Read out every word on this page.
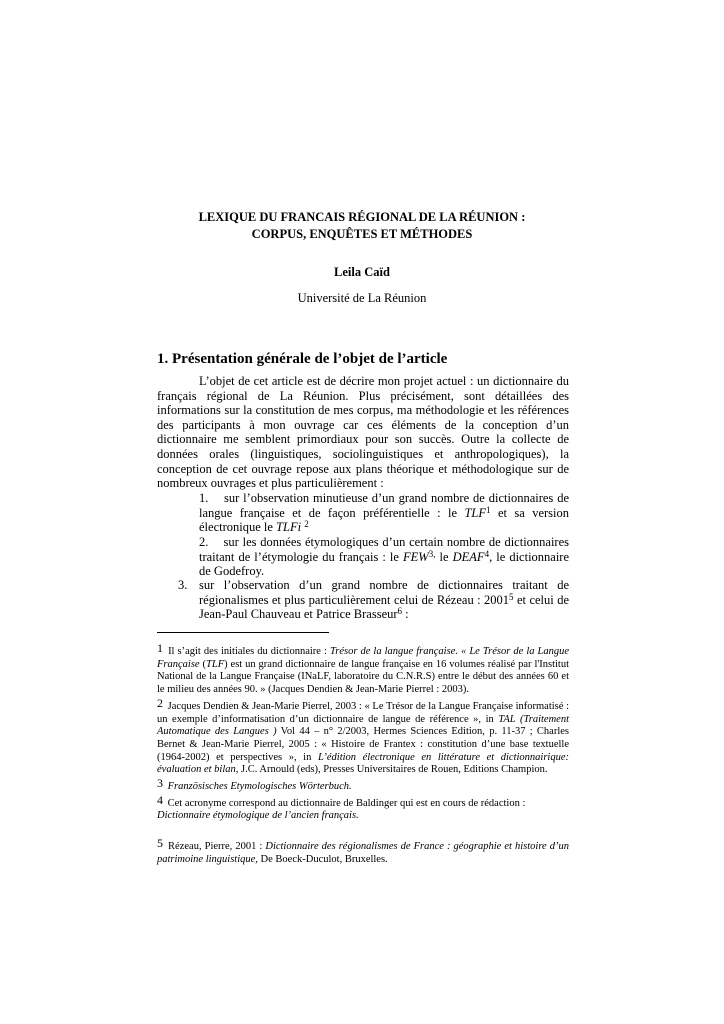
LEXIQUE DU FRANCAIS RÉGIONAL DE LA RÉUNION :
CORPUS, ENQUÊTES ET MÉTHODES
Leila Caïd
Université de La Réunion
1. Présentation générale de l’objet de l’article

L’objet de cet article est de décrire mon projet actuel : un dictionnaire du français régional de La Réunion. Plus précisément, sont détaillées des informations sur la constitution de mes corpus, ma méthodologie et les références des participants à mon ouvrage car ces éléments de la conception d’un dictionnaire me semblent primordiaux pour son succès. Outre la collecte de données orales (linguistiques, sociolinguistiques et anthropologiques), la conception de cet ouvrage repose aux plans théorique et méthodologique sur de nombreux ouvrages et plus particulièrement :

1. sur l’observation minutieuse d’un grand nombre de dictionnaires de langue française et de façon préférentielle : le TLF$^1$ et sa version électronique le TLFi $^2$
2. sur les données étymologiques d’un certain nombre de dictionnaires traitant de l’étymologie du français : le $FEW^{3,}$ le DEAF$^4$, le dictionnaire de Godefroy.
3. sur l’observation d’un grand nombre de dictionnaires traitant de régionalismes et plus particulièrement celui de Rézeau : 2001$^5$ et celui de Jean-Paul Chauveau et Patrice Brasseur$^6$ :

1 Il s’agit des initiales du dictionnaire : Trésor de la langue française. « Le Trésor de la Langue Française (TLF) est un grand dictionnaire de langue française en 16 volumes réalisé par l'Institut National de la Langue Française (INaLF, laboratoire du C.N.R.S) entre le début des années 60 et le milieu des années 90. » (Jacques Dendien & Jean-Marie Pierrel : 2003).

2 Jacques Dendien & Jean-Marie Pierrel, 2003 : « Le Trésor de la Langue Française informatisé : un exemple d’informatisation d’un dictionnaire de langue de référence », in TAL (Traitement Automatique des Langues ) Vol 44 – n° 2/2003, Hermes Sciences Edition, p. 11-37 ; Charles Bernet & Jean-Marie Pierrel, 2005 : « Histoire de Frantex : constitution d’une base textuelle (1964-2002) et perspectives », in L’édition électronique en littérature et dictionnairique: évaluation et bilan, J.C. Arnould (eds), Presses Universitaires de Rouen, Editions Champion.

3 Französisches Etymologisches Wörterbuch.

4 Cet acronyme correspond au dictionnaire de Baldinger qui est en cours de rédaction :
Dictionnaire étymologique de l’ancien français.

5 Rézeau, Pierre, 2001 : Dictionnaire des régionalismes de France : géographie et histoire d’un patrimoine linguistique, De Boeck-Duculot, Bruxelles.
